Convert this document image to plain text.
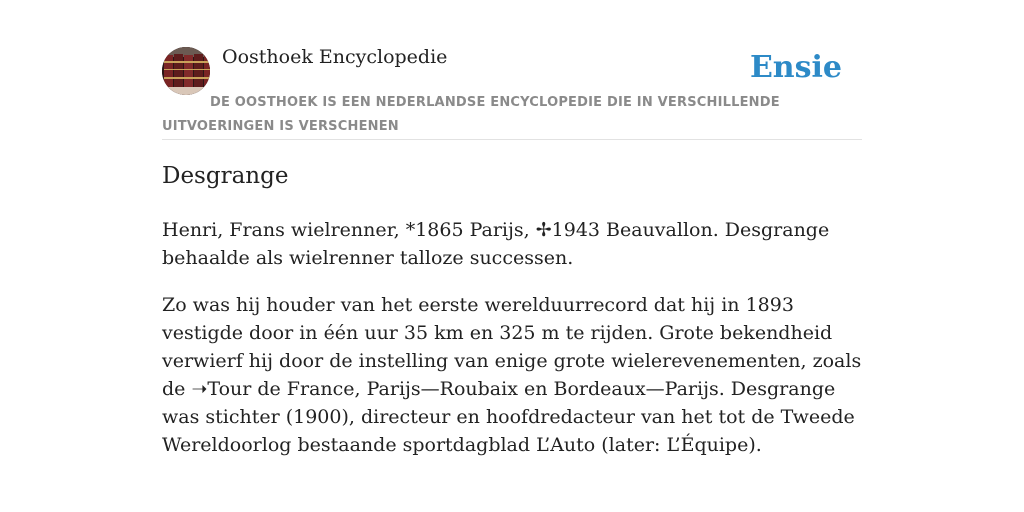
Oosthoek Encyclopedie	Ensie

DE OOSTHOEK IS EEN NEDERLANDSE ENCYCLOPEDIE DIE IN VERSCHILLENDE UITVOERINGEN IS VERSCHENEN

Desgrange

Henri, Frans wielrenner, *1865 Parijs, ✢1943 Beauvallon. Desgrange behaalde als wielrenner talloze successen.

Zo was hij houder van het eerste werelduurrecord dat hij in 1893 vestigde door in één uur 35 km en 325 m te rijden. Grote bekendheid verwierf hij door de instelling van enige grote wielerevenementen, zoals de ➝Tour de France, Parijs—Roubaix en Bordeaux—Parijs. Desgrange was stichter (1900), directeur en hoofdredacteur van het tot de Tweede Wereldoorlog bestaande sportdagblad L’Auto (later: L’Équipe).
